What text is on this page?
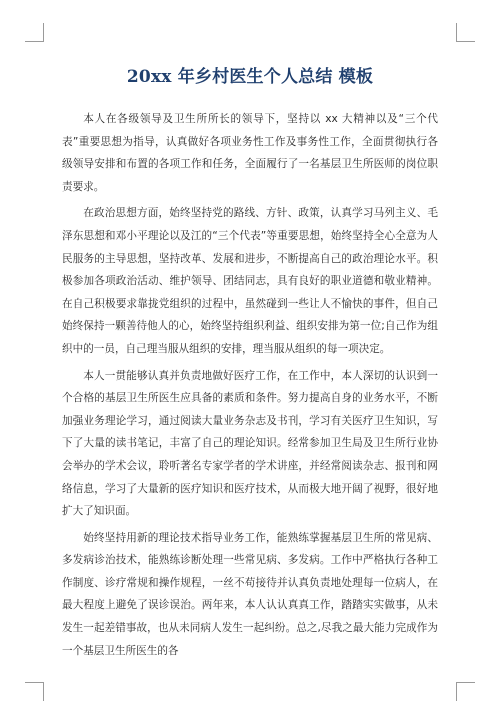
20xx 年乡村医生个人总结 模板

本人在各级领导及卫生所所长的领导下，坚持以 xx 大精神以及“三个代表”重要思想为指导，认真做好各项业务性工作及事务性工作，全面贯彻执行各级领导安排和布置的各项工作和任务，全面履行了一名基层卫生所医师的岗位职责要求。

在政治思想方面，始终坚持党的路线、方针、政策，认真学习马列主义、毛泽东思想和邓小平理论以及江的“三个代表”等重要思想，始终坚持全心全意为人民服务的主导思想，坚持改革、发展和进步，不断提高自己的政治理论水平。积极参加各项政治活动、维护领导、团结同志，具有良好的职业道德和敬业精神。在自己积极要求靠拢党组织的过程中，虽然碰到一些让人不愉快的事件，但自己始终保持一颗善待他人的心，始终坚持组织利益、组织安排为第一位;自己作为组织中的一员，自己理当服从组织的安排，理当服从组织的每一项决定。

本人一贯能够认真并负责地做好医疗工作，在工作中，本人深切的认识到一个合格的基层卫生所医生应具备的素质和条件。努力提高自身的业务水平，不断加强业务理论学习，通过阅读大量业务杂志及书刊，学习有关医疗卫生知识，写下了大量的读书笔记，丰富了自己的理论知识。经常参加卫生局及卫生所行业协会举办的学术会议，聆听著名专家学者的学术讲座，并经常阅读杂志、报刊和网络信息，学习了大量新的医疗知识和医疗技术，从而极大地开阔了视野，很好地扩大了知识面。

始终坚持用新的理论技术指导业务工作，能熟练掌握基层卫生所的常见病、多发病诊治技术，能熟练诊断处理一些常见病、多发病。工作中严格执行各种工作制度、诊疗常规和操作规程，一丝不苟接待并认真负责地处理每一位病人，在最大程度上避免了误诊误治。两年来，本人认认真真工作，踏踏实实做事，从未发生一起差错事故，也从未同病人发生一起纠纷。总之,尽我之最大能力完成作为一个基层卫生所医生的各
